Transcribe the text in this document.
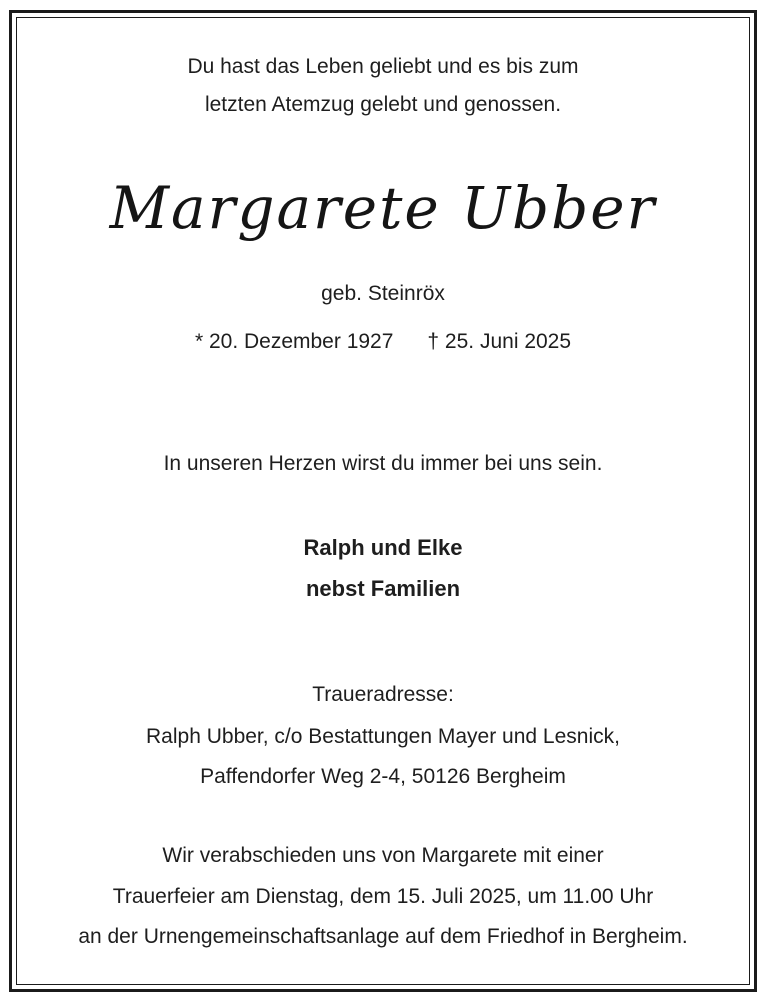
Du hast das Leben geliebt und es bis zum
letzten Atemzug gelebt und genossen.
Margarete Ubber
geb. Steinröx
* 20. Dezember 1927 † 25. Juni 2025
In unseren Herzen wirst du immer bei uns sein.
Ralph und Elke
nebst Familien
Traueradresse:
Ralph Ubber, c/o Bestattungen Mayer und Lesnick,
Paffendorfer Weg 2-4, 50126 Bergheim
Wir verabschieden uns von Margarete mit einer
Trauerfeier am Dienstag, dem 15. Juli 2025, um 11.00 Uhr
an der Urnengemeinschaftsanlage auf dem Friedhof in Bergheim.
